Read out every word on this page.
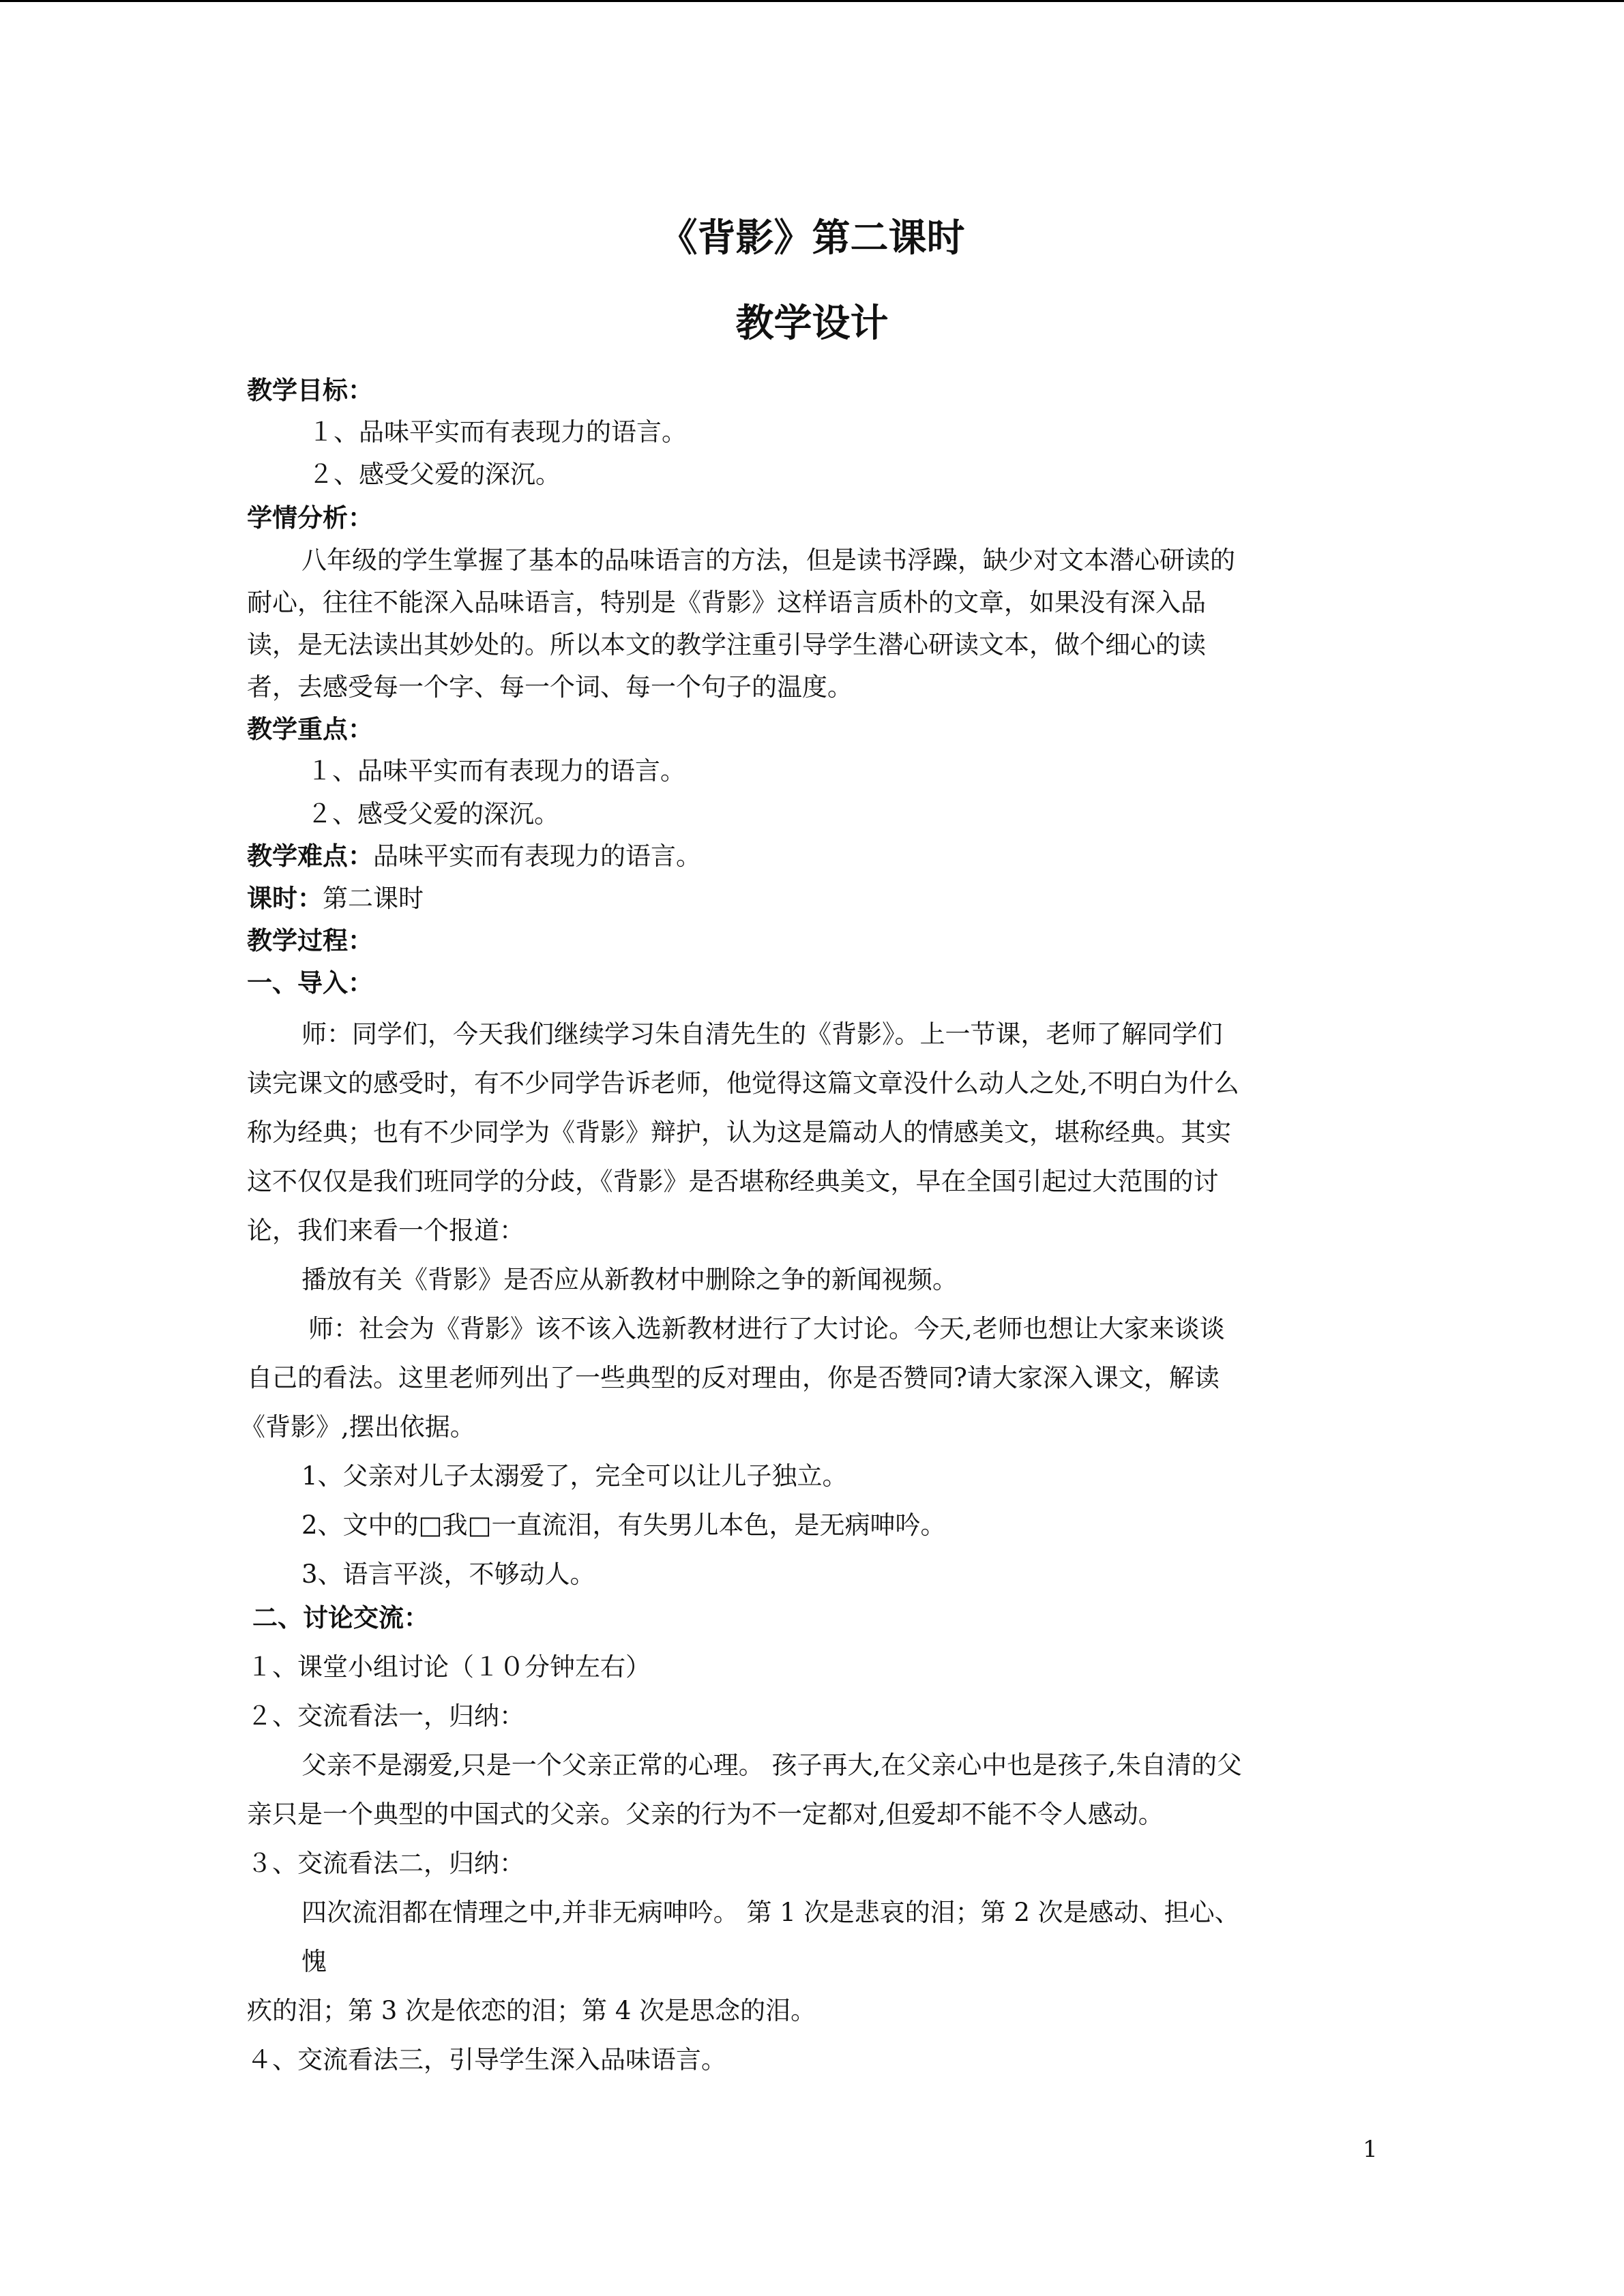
《背影》第二课时
教学设计
教学目标：
１、品味平实而有表现力的语言。
２、感受父爱的深沉。
学情分析：
八年级的学生掌握了基本的品味语言的方法，但是读书浮躁，缺少对文本潜心研读的
耐心，往往不能深入品味语言，特别是《背影》这样语言质朴的文章，如果没有深入品
读，是无法读出其妙处的。所以本文的教学注重引导学生潜心研读文本，做个细心的读
者，去感受每一个字、每一个词、每一个句子的温度。
教学重点：
１、品味平实而有表现力的语言。
２、感受父爱的深沉。
教学难点：品味平实而有表现力的语言。
课时：第二课时
教学过程：
一、导入：
师：同学们，今天我们继续学习朱自清先生的《背影》。上一节课，老师了解同学们
读完课文的感受时，有不少同学告诉老师，他觉得这篇文章没什么动人之处,不明白为什么
称为经典；也有不少同学为《背影》辩护，认为这是篇动人的情感美文，堪称经典。其实
这不仅仅是我们班同学的分歧，《背影》是否堪称经典美文，早在全国引起过大范围的讨
论，我们来看一个报道：
播放有关《背影》是否应从新教材中删除之争的新闻视频。
师：社会为《背影》该不该入选新教材进行了大讨论。今天,老师也想让大家来谈谈
自己的看法。这里老师列出了一些典型的反对理由，你是否赞同?请大家深入课文，解读
《背影》,摆出依据。
1、父亲对儿子太溺爱了，完全可以让儿子独立。
2、文中的□我□一直流泪，有失男儿本色，是无病呻吟。
3、语言平淡，不够动人。
二、讨论交流：
１、课堂小组讨论（１０分钟左右）
２、交流看法一，归纳：
父亲不是溺爱,只是一个父亲正常的心理。 孩子再大,在父亲心中也是孩子,朱自清的父
亲只是一个典型的中国式的父亲。父亲的行为不一定都对,但爱却不能不令人感动。
３、交流看法二，归纳：
四次流泪都在情理之中,并非无病呻吟。 第 1 次是悲哀的泪；第 2 次是感动、担心、
愧
疚的泪；第 3 次是依恋的泪；第 4 次是思念的泪。
４、交流看法三，引导学生深入品味语言。
1
